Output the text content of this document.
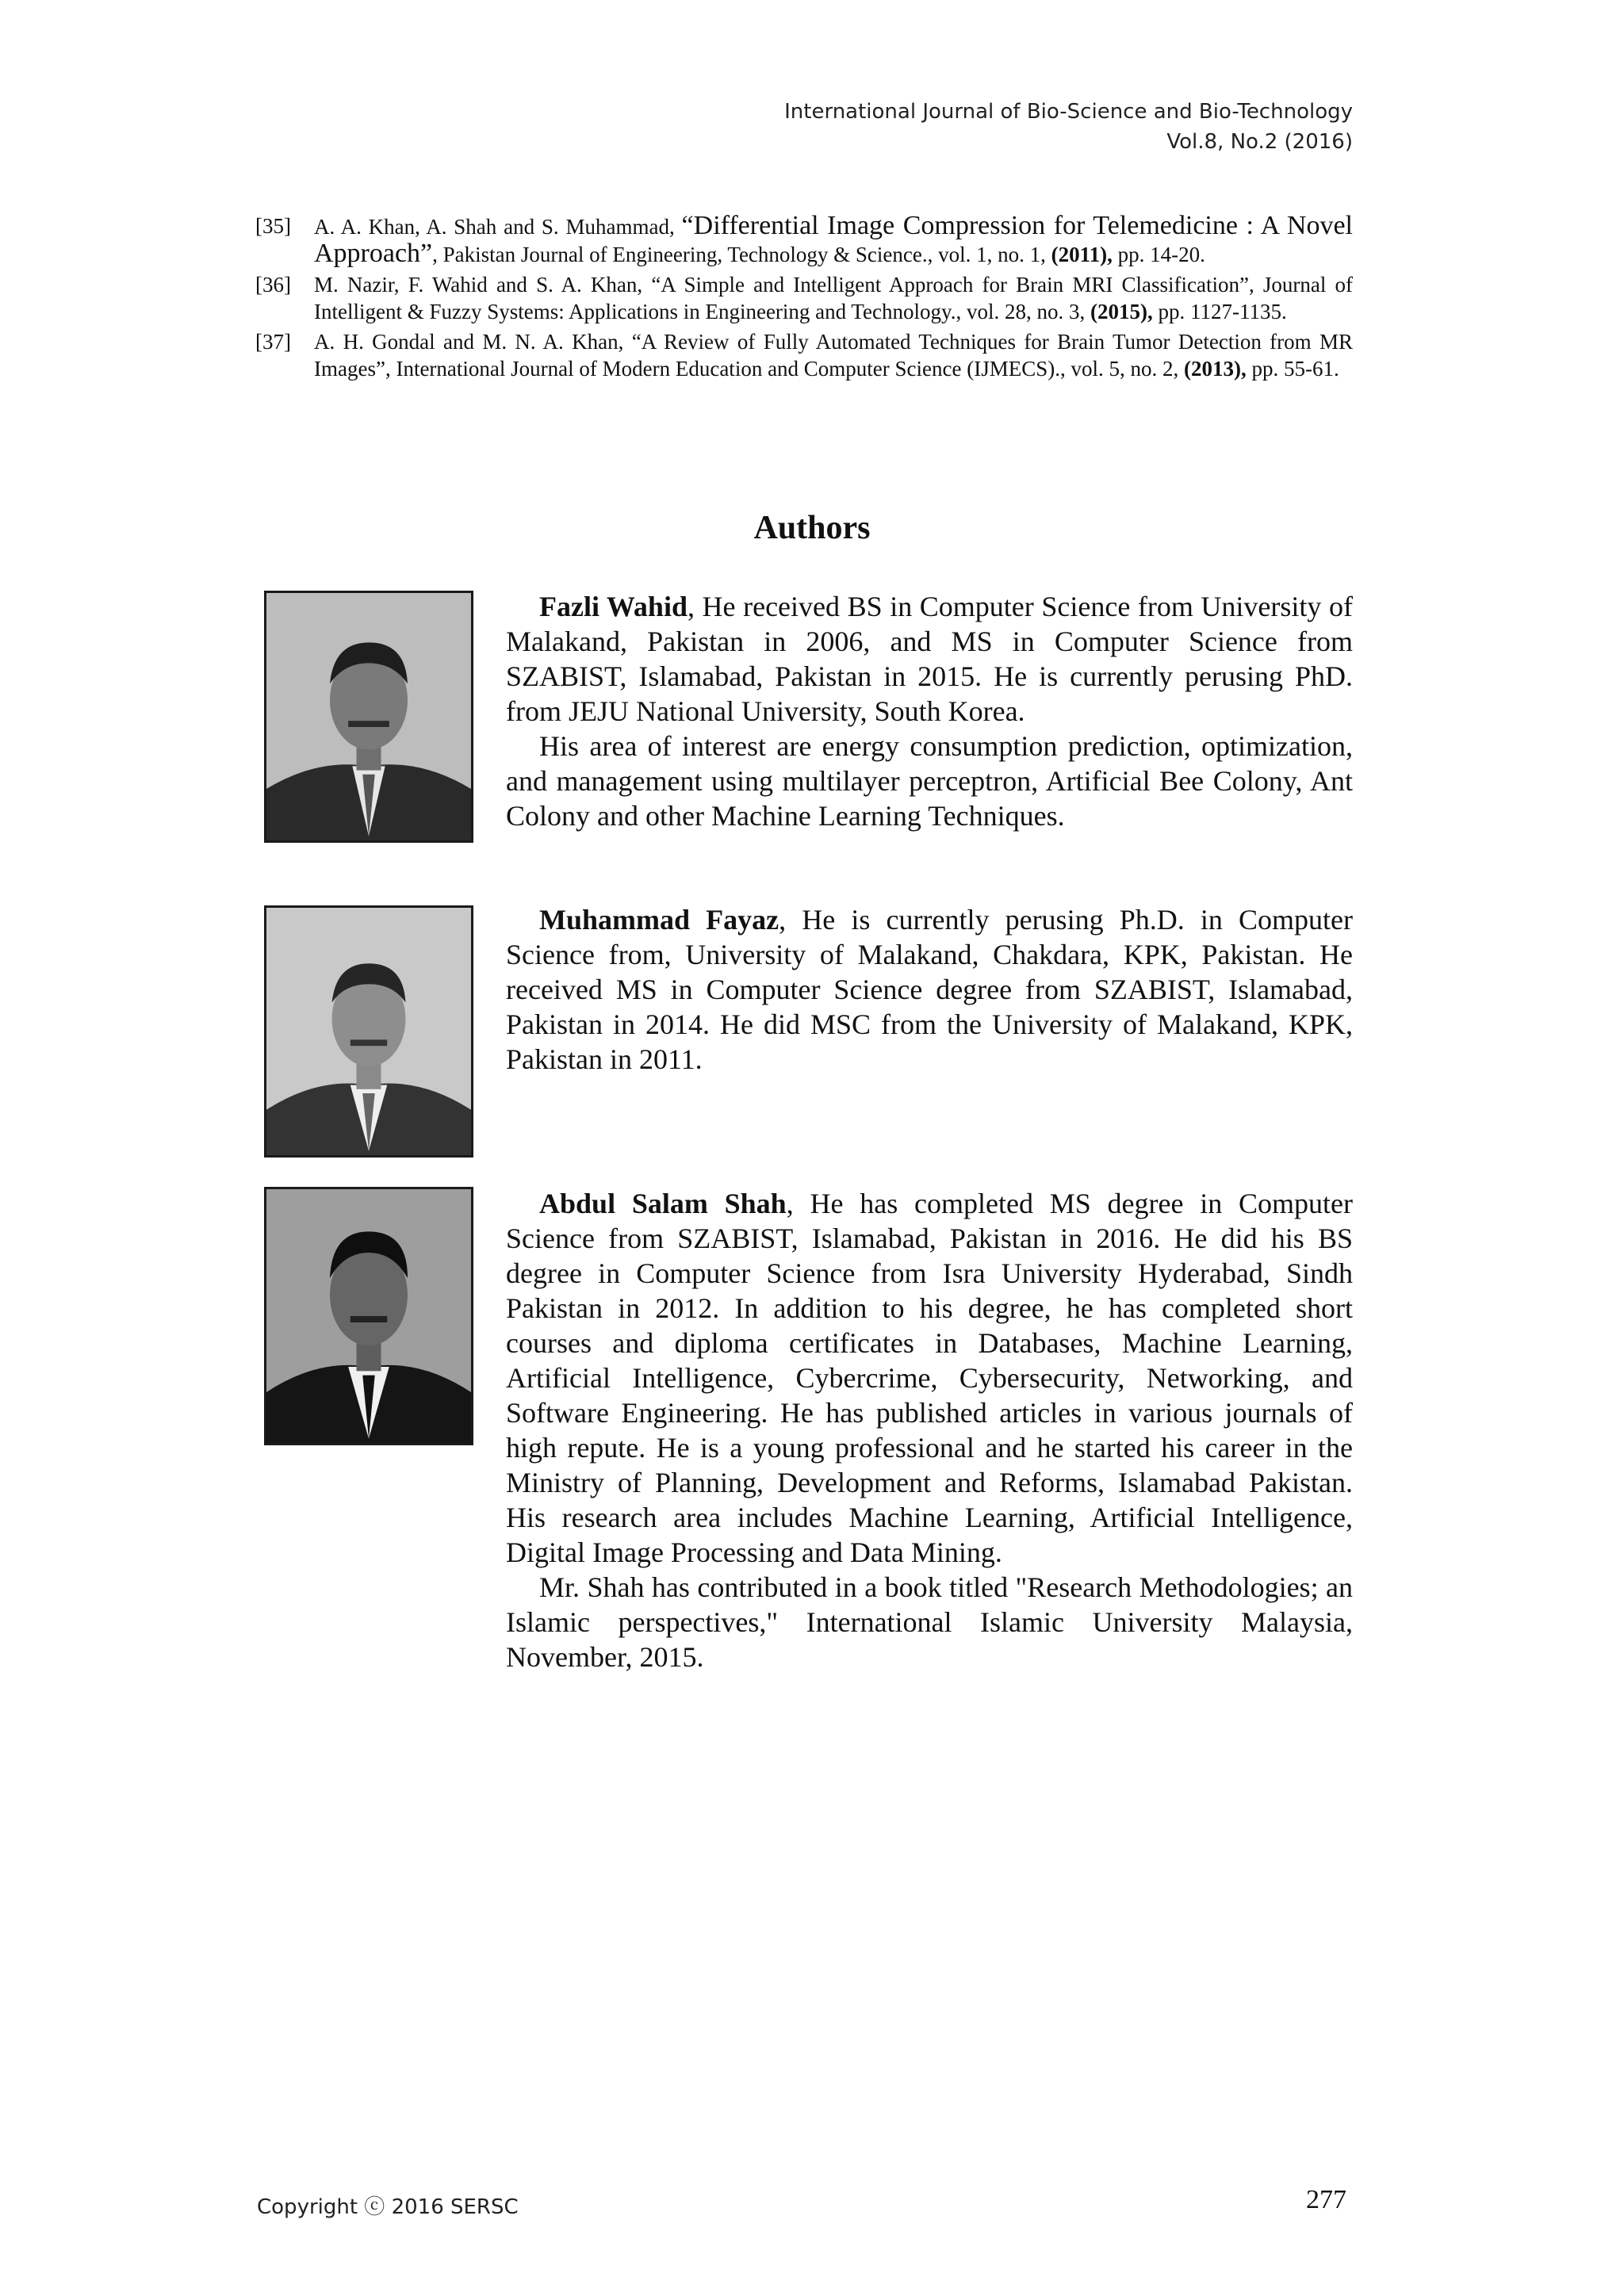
International Journal of Bio-Science and Bio-Technology
Vol.8, No.2 (2016)
[35] A. A. Khan, A. Shah and S. Muhammad, “Differential Image Compression for Telemedicine : A Novel Approach”, Pakistan Journal of Engineering, Technology & Science., vol. 1, no. 1, (2011), pp. 14-20.
[36] M. Nazir, F. Wahid and S. A. Khan, “A Simple and Intelligent Approach for Brain MRI Classification”, Journal of Intelligent & Fuzzy Systems: Applications in Engineering and Technology., vol. 28, no. 3, (2015), pp. 1127-1135.
[37] A. H. Gondal and M. N. A. Khan, “A Review of Fully Automated Techniques for Brain Tumor Detection from MR Images”, International Journal of Modern Education and Computer Science (IJMECS)., vol. 5, no. 2, (2013), pp. 55-61.
Authors

Fazli Wahid, He received BS in Computer Science from University of Malakand, Pakistan in 2006, and MS in Computer Science from SZABIST, Islamabad, Pakistan in 2015. He is currently perusing PhD. from JEJU National University, South Korea.

His area of interest are energy consumption prediction, optimization, and management using multilayer perceptron, Artificial Bee Colony, Ant Colony and other Machine Learning Techniques.

Muhammad Fayaz, He is currently perusing Ph.D. in Computer Science from, University of Malakand, Chakdara, KPK, Pakistan. He received MS in Computer Science degree from SZABIST, Islamabad, Pakistan in 2014. He did MSC from the University of Malakand, KPK, Pakistan in 2011.

Abdul Salam Shah, He has completed MS degree in Computer Science from SZABIST, Islamabad, Pakistan in 2016. He did his BS degree in Computer Science from Isra University Hyderabad, Sindh Pakistan in 2012. In addition to his degree, he has completed short courses and diploma certificates in Databases, Machine Learning, Artificial Intelligence, Cybercrime, Cybersecurity, Networking, and Software Engineering. He has published articles in various journals of high repute. He is a young professional and he started his career in the Ministry of Planning, Development and Reforms, Islamabad Pakistan. His research area includes Machine Learning, Artificial Intelligence, Digital Image Processing and Data Mining.

Mr. Shah has contributed in a book titled "Research Methodologies; an Islamic perspectives," International Islamic University Malaysia, November, 2015.

Copyright ⓒ 2016 SERSC	277
